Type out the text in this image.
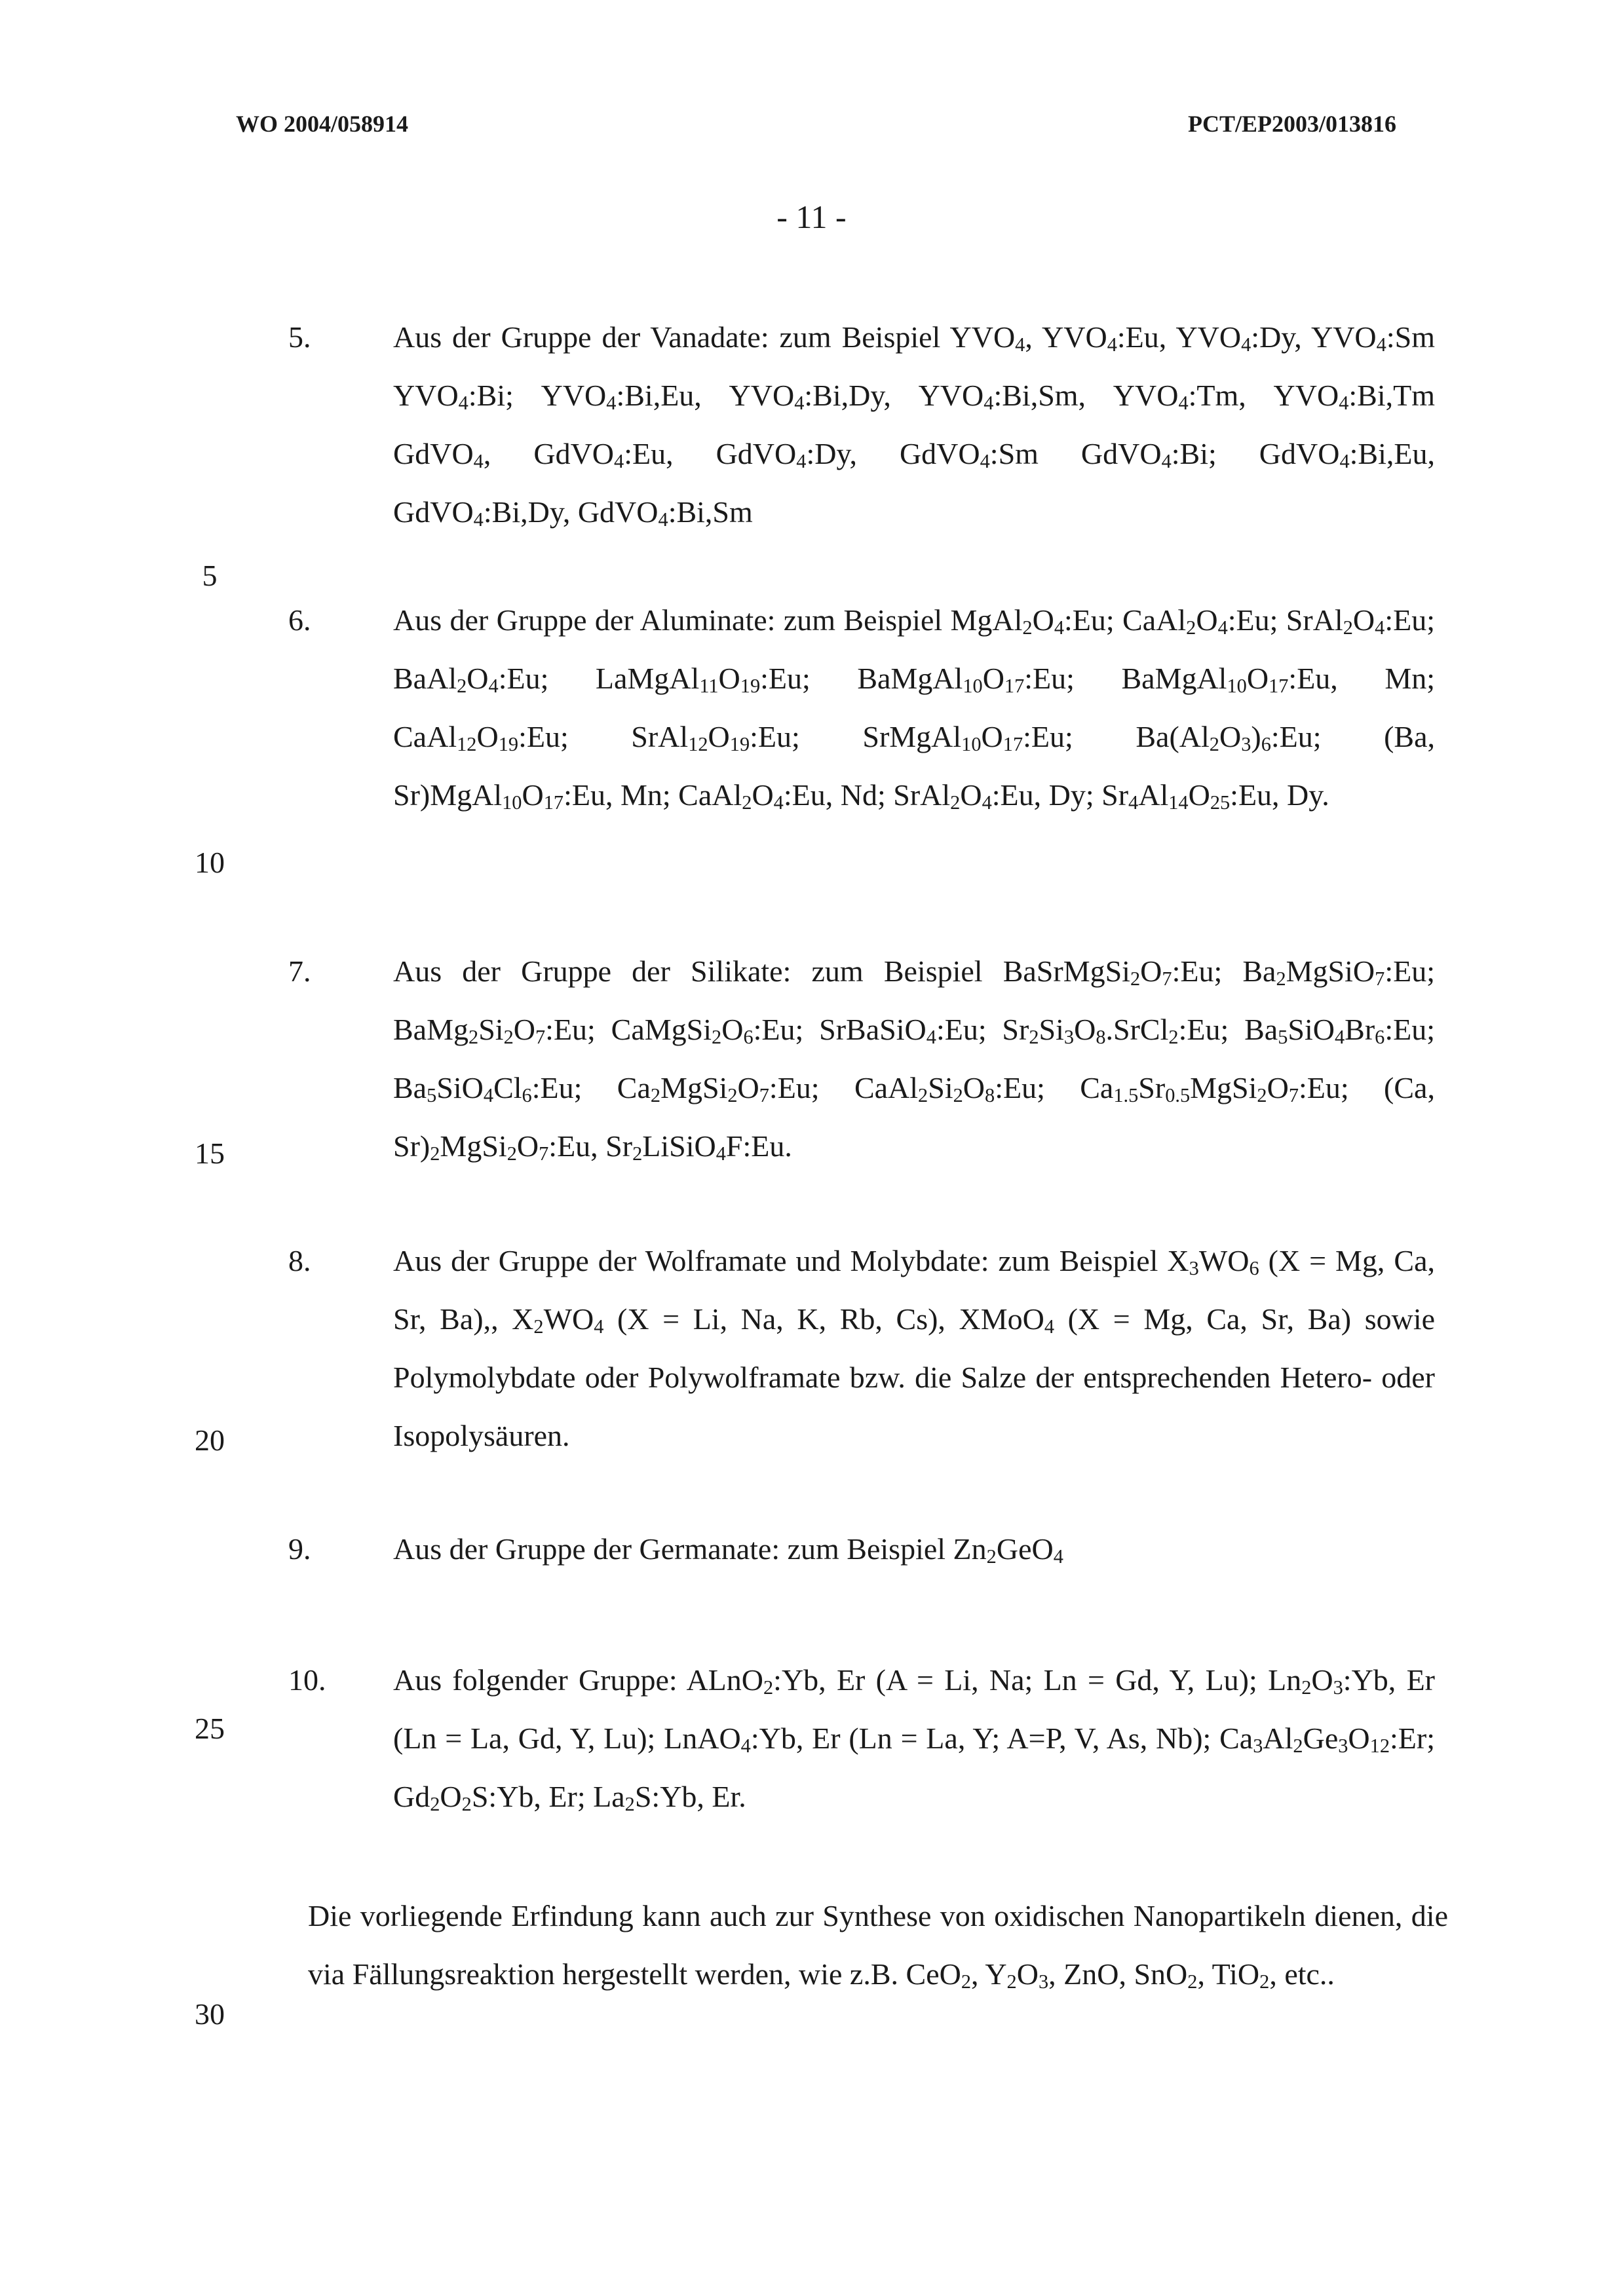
WO 2004/058914	PCT/EP2003/013816
- 11 -
5
10
15
20
25
30
5.	Aus der Gruppe der Vanadate: zum Beispiel $YVO_4$, $YVO_4:Eu$, $YVO_4:Dy$, $YVO_4:Sm$ $YVO_4:Bi$; $YVO_4:Bi,Eu$, $YVO_4:Bi,Dy$, $YVO_4:Bi,Sm$, $YVO_4:Tm$, $YVO_4:Bi,Tm$ GdVO$_4$, GdVO$_4$:Eu, GdVO$_4$:Dy, GdVO$_4$:Sm GdVO$_4$:Bi; GdVO$_4$:Bi,Eu, GdVO$_4$:Bi,Dy, GdVO$_4$:Bi,Sm
6.	Aus der Gruppe der Aluminate: zum Beispiel $MgAl_2O_4:Eu$; $CaAl_2O_4:Eu$; $SrAl_2O_4:Eu$; $BaAl_2O_4:Eu$; $LaMgAl_{11}O_{19}:Eu$; $BaMgAl_{10}O_{17}:Eu$; $BaMgAl_{10}O_{17}:Eu$, Mn; $CaAl_{12}O_{19}:Eu$; $SrAl_{12}O_{19}:Eu$; $SrMgAl_{10}O_{17}:Eu$; $Ba(Al_2O_3)_6:Eu$; (Ba, $Sr)MgAl_{10}O_{17}:Eu$, Mn; $CaAl_2O_4:Eu$, Nd; $SrAl_2O_4:Eu$, Dy; $Sr_4Al_{14}O_{25}:Eu$, Dy.
7.	Aus der Gruppe der Silikate: zum Beispiel $BaSrMgSi_2O_7:Eu$; $Ba_2MgSiO_7:Eu$; $BaMg_2Si_2O_7:Eu$; $CaMgSi_2O_6:Eu$; SrBaSiO$_4$:Eu; $Sr_2Si_3O_8.SrCl_2:Eu$; $Ba_5SiO_4Br_6:Eu$; $Ba_5SiO_4Cl_6:Eu$; $Ca_2MgSi_2O_7:Eu$; $CaAl_2Si_2O_8:Eu$; $Ca_{1.5}Sr_{0.5}MgSi_2O_7:Eu$; (Ca, $Sr)_2MgSi_2O_7:Eu$, $Sr_2LiSiO_4F:Eu$.
8.	Aus der Gruppe der Wolframate und Molybdate: zum Beispiel $X_3WO_6$ (X = Mg, Ca, Sr, Ba),, $X_2WO_4$ (X = Li, Na, K, Rb, Cs), XMoO$_4$ (X = Mg, Ca, Sr, Ba) sowie Polymolybdate oder Polywolframate bzw. die Salze der entsprechenden Hetero- oder Isopolysäuren.
9.	Aus der Gruppe der Germanate: zum Beispiel $Zn_2GeO_4$
10. Aus folgender Gruppe: ALnO$_2$:Yb, Er (A = Li, Na; Ln = Gd, Y, Lu); $Ln_2O_3:Yb$, Er (Ln = La, Gd, Y, Lu); LnAO$_4$:Yb, Er (Ln = La, Y; A=P, V, As, Nb); $Ca_3Al_2Ge_3O_{12}:Er$; $Gd_2O_2S:Yb$, Er; $La_2S:Yb$, Er.
Die vorliegende Erfindung kann auch zur Synthese von oxidischen Nanopartikeln dienen, die via Fällungsreaktion hergestellt werden, wie z.B. CeO$_2$, $Y_2O_3$, ZnO, SnO$_2$, TiO$_2$, etc..
